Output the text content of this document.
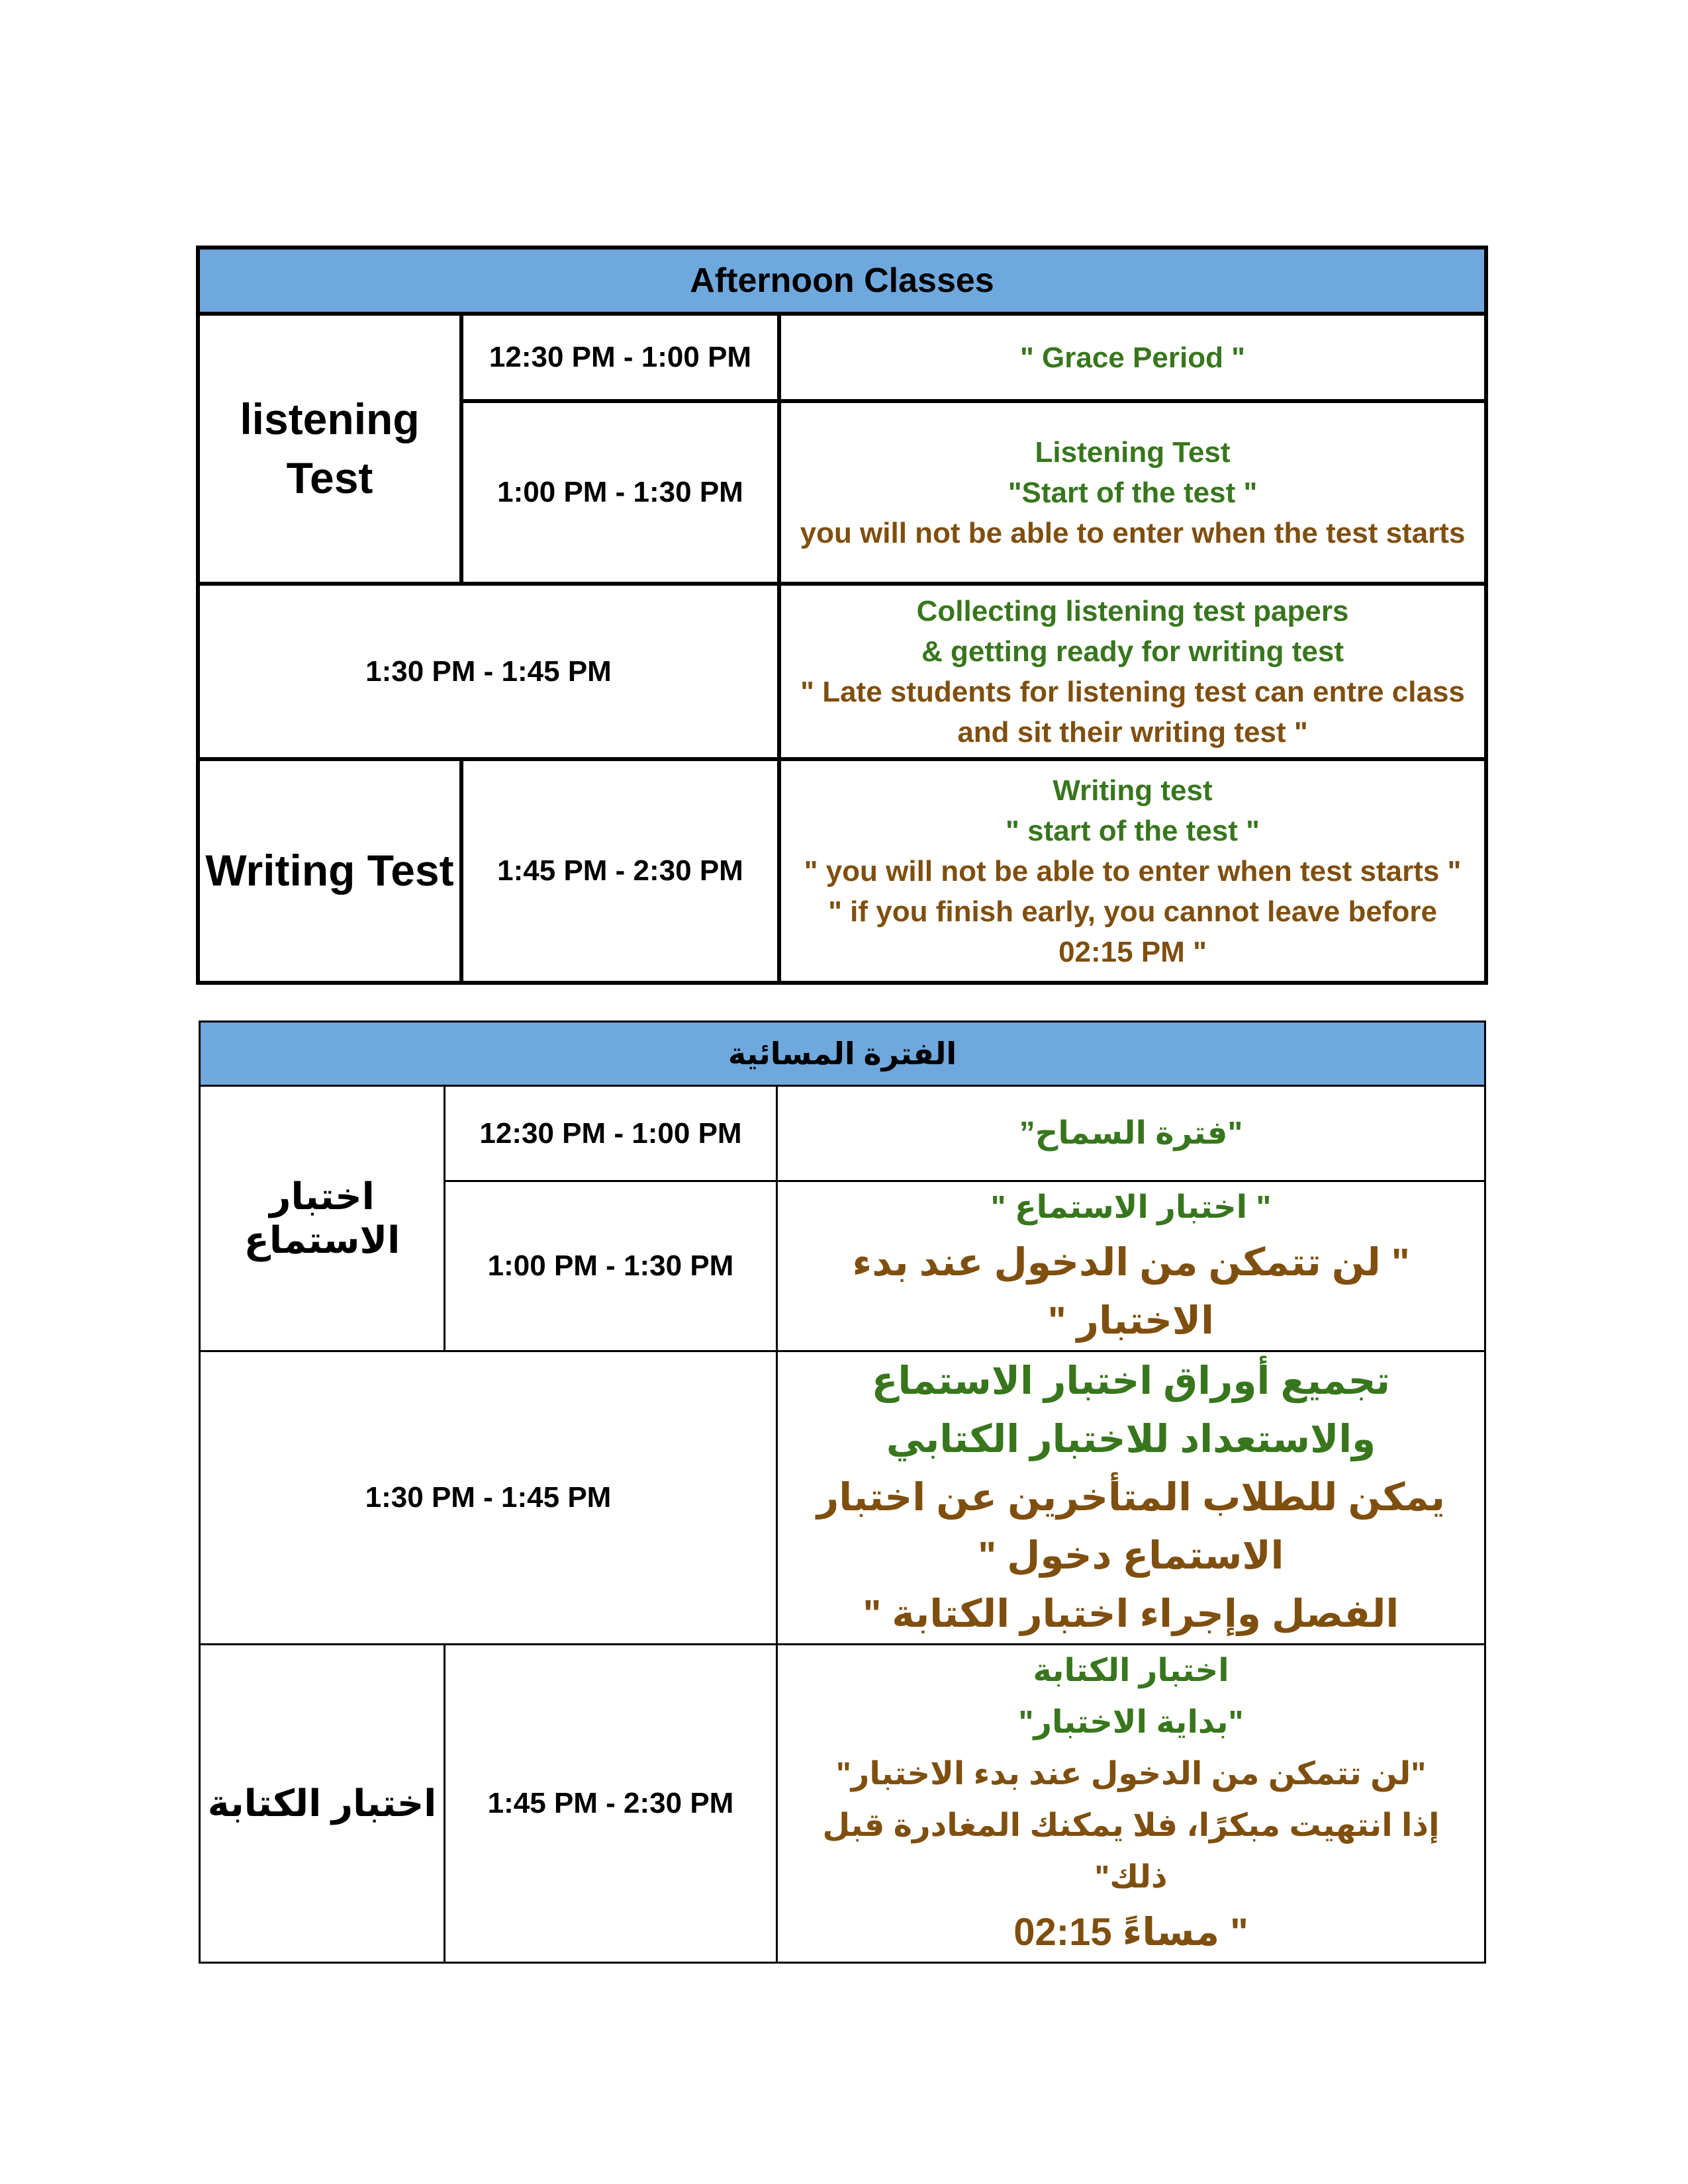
Afternoon Classes		

listening
Test	12:30 PM - 1:00 PM	" Grace Period "
	1:00 PM - 1:30 PM	Listening Test
"Start of the test "
you will not be able to enter when the test starts

1:30 PM - 1:45 PM		Collecting listening test papers
& getting ready for writing test
" Late students for listening test can entre class
and sit their writing test "

Writing Test	1:45 PM - 2:30 PM	Writing test
" start of the test "
" you will not be able to enter when test starts "
" if you finish early, you cannot leave before
02:15 PM "
الفترة المسائية		
اختبار الاستماع	12:30 PM - 1:00 PM	"فترة السماح”
	1:00 PM - 1:30 PM	" اختبار الاستماع "
" لن تتمكن من الدخول عند بدء الاختبار "

1:30 PM - 1:45 PM		تجميع أوراق اختبار الاستماع
والاستعداد للاختبار الكتابي
يمكن للطلاب المتأخرين عن اختبار الاستماع دخول "
الفصل وإجراء اختبار الكتابة "

اختبار الكتابة	1:45 PM - 2:30 PM	اختبار الكتابة
"بداية الاختبار"
"لن تتمكن من الدخول عند بدء الاختبار"
إذا انتهيت مبكرًا، فلا يمكنك المغادرة قبل ذلك"
" مساءً 02:15
